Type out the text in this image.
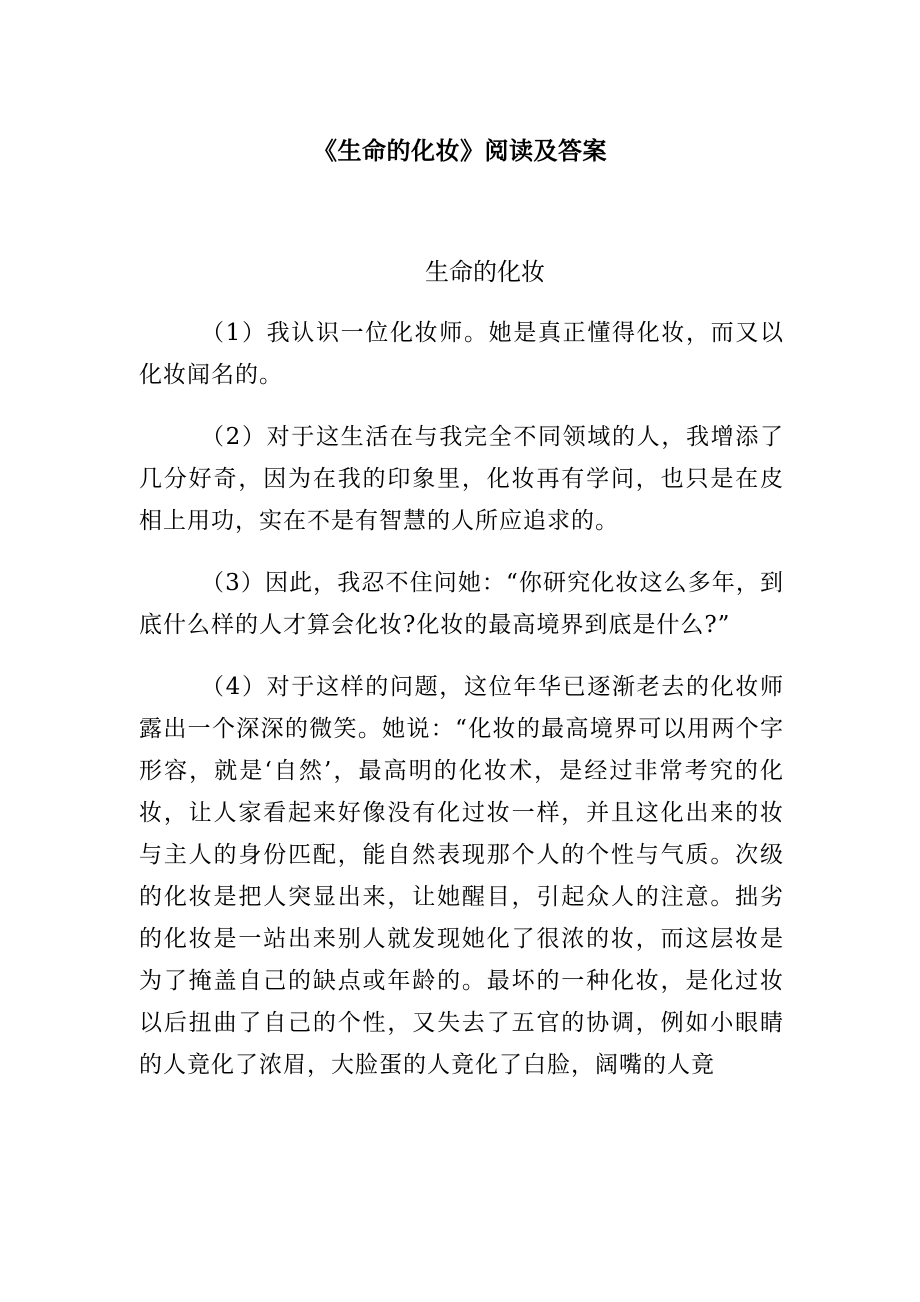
《生命的化妆》阅读及答案
生命的化妆

（1）我认识一位化妆师。她是真正懂得化妆，而又以化妆闻名的。

（2）对于这生活在与我完全不同领域的人，我增添了几分好奇，因为在我的印象里，化妆再有学问，也只是在皮相上用功，实在不是有智慧的人所应追求的。

（3）因此，我忍不住问她：“你研究化妆这么多年，到底什么样的人才算会化妆?化妆的最高境界到底是什么?”

（4）对于这样的问题，这位年华已逐渐老去的化妆师露出一个深深的微笑。她说：“化妆的最高境界可以用两个字形容，就是‘自然’，最高明的化妆术，是经过非常考究的化妆，让人家看起来好像没有化过妆一样，并且这化出来的妆与主人的身份匹配，能自然表现那个人的个性与气质。次级的化妆是把人突显出来，让她醒目，引起众人的注意。拙劣的化妆是一站出来别人就发现她化了很浓的妆，而这层妆是为了掩盖自己的缺点或年龄的。最坏的一种化妆，是化过妆以后扭曲了自己的个性，又失去了五官的协调，例如小眼睛的人竟化了浓眉，大脸蛋的人竟化了白脸，阔嘴的人竟
